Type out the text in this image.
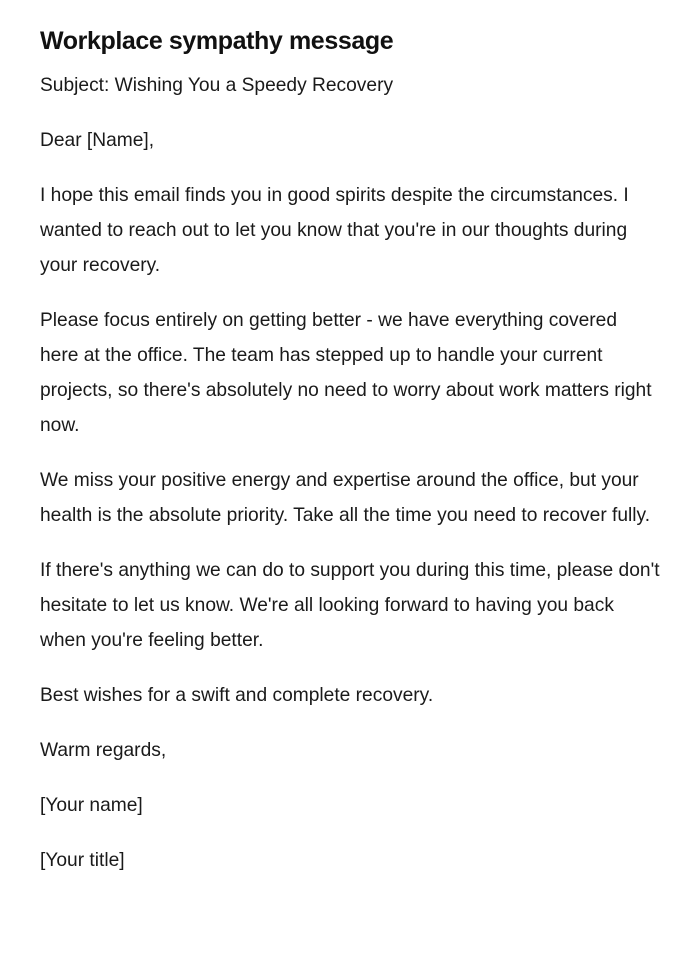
Workplace sympathy message

Subject: Wishing You a Speedy Recovery

Dear [Name],

I hope this email finds you in good spirits despite the circumstances. I wanted to reach out to let you know that you're in our thoughts during your recovery.

Please focus entirely on getting better - we have everything covered here at the office. The team has stepped up to handle your current projects, so there's absolutely no need to worry about work matters right now.

We miss your positive energy and expertise around the office, but your health is the absolute priority. Take all the time you need to recover fully.

If there's anything we can do to support you during this time, please don't hesitate to let us know. We're all looking forward to having you back when you're feeling better.

Best wishes for a swift and complete recovery.

Warm regards,

[Your name]

[Your title]
